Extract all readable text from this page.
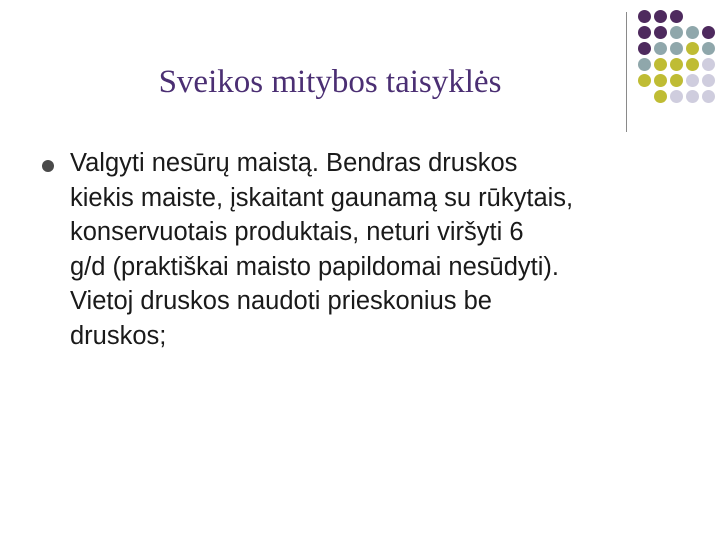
Sveikos mitybos taisyklės
Valgyti nesūrų maistą. Bendras druskos
kiekis maiste, įskaitant gaunamą su rūkytais,
konservuotais produktais, neturi viršyti 6
g/d (praktiškai maisto papildomai nesūdyti).
Vietoj druskos naudoti prieskonius be
druskos;
